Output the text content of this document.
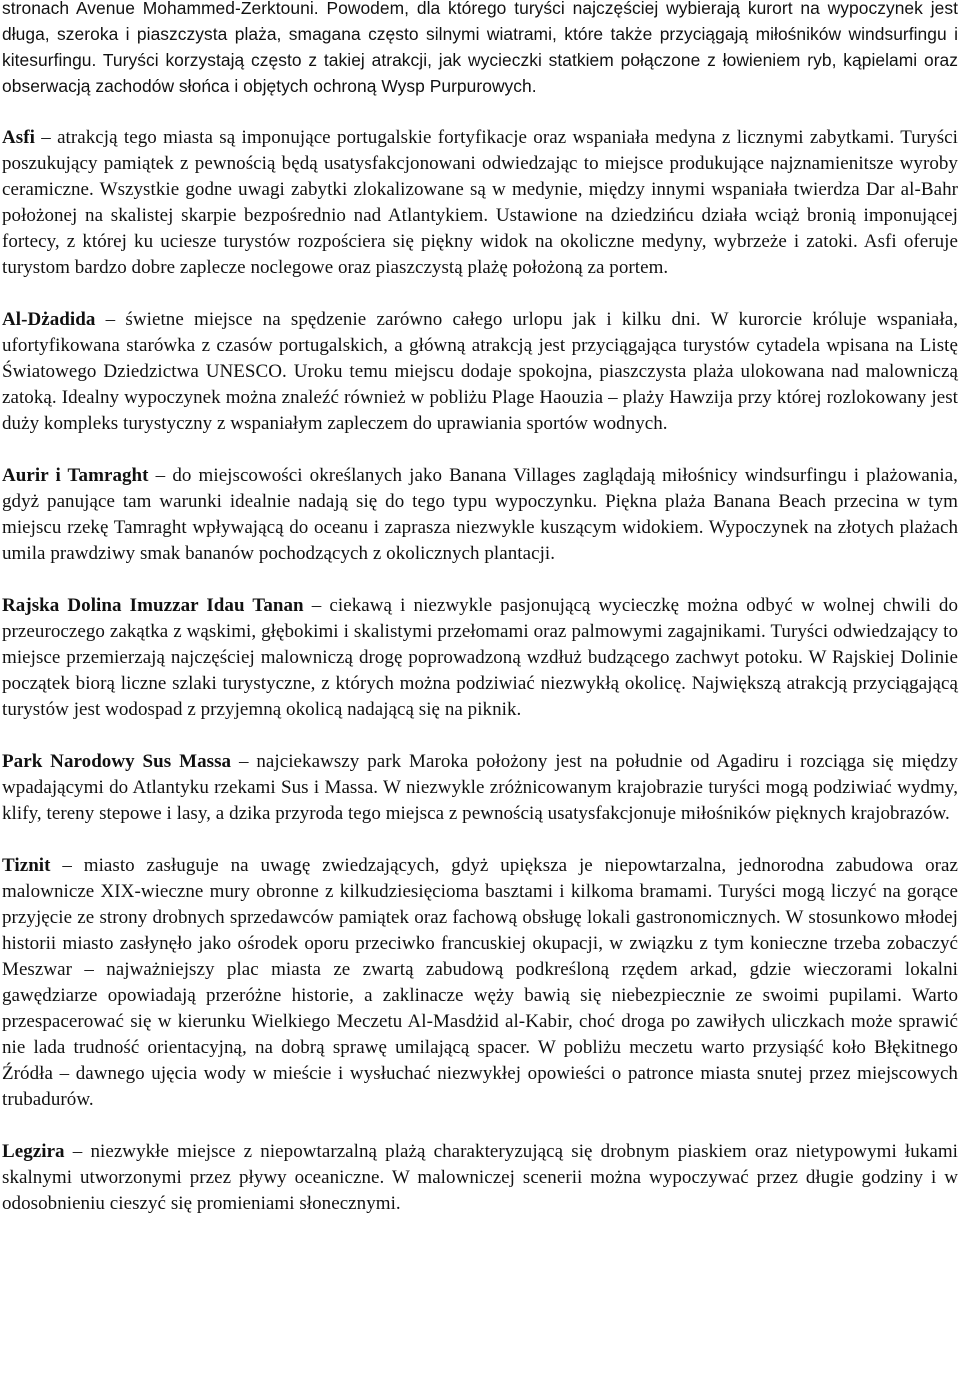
stronach Avenue Mohammed-Zerktouni. Powodem, dla którego turyści najczęściej wybierają kurort na wypoczynek jest długa, szeroka i piaszczysta plaża, smagana często silnymi wiatrami, które także przyciągają miłośników windsurfingu i kitesurfingu. Turyści korzystają często z takiej atrakcji, jak wycieczki statkiem połączone z łowieniem ryb, kąpielami oraz obserwacją zachodów słońca i objętych ochroną Wysp Purpurowych.

Asfi – atrakcją tego miasta są imponujące portugalskie fortyfikacje oraz wspaniała medyna z licznymi zabytkami. Turyści poszukujący pamiątek z pewnością będą usatysfakcjonowani odwiedzając to miejsce produkujące najznamienitsze wyroby ceramiczne. Wszystkie godne uwagi zabytki zlokalizowane są w medynie, między innymi wspaniała twierdza Dar al-Bahr położonej na skalistej skarpie bezpośrednio nad Atlantykiem. Ustawione na dziedzińcu działa wciąż bronią imponującej fortecy, z której ku uciesze turystów rozpościera się piękny widok na okoliczne medyny, wybrzeże i zatoki. Asfi oferuje turystom bardzo dobre zaplecze noclegowe oraz piaszczystą plażę położoną za portem.

Al-Dżadida – świetne miejsce na spędzenie zarówno całego urlopu jak i kilku dni. W kurorcie króluje wspaniała, ufortyfikowana starówka z czasów portugalskich, a główną atrakcją jest przyciągająca turystów cytadela wpisana na Listę Światowego Dziedzictwa UNESCO. Uroku temu miejscu dodaje spokojna, piaszczysta plaża ulokowana nad malowniczą zatoką. Idealny wypoczynek można znaleźć również w pobliżu Plage Haouzia – plaży Hawzija przy której rozlokowany jest duży kompleks turystyczny z wspaniałym zapleczem do uprawiania sportów wodnych.

Aurir i Tamraght – do miejscowości określanych jako Banana Villages zaglądają miłośnicy windsurfingu i plażowania, gdyż panujące tam warunki idealnie nadają się do tego typu wypoczynku. Piękna plaża Banana Beach przecina w tym miejscu rzekę Tamraght wpływającą do oceanu i zaprasza niezwykle kuszącym widokiem. Wypoczynek na złotych plażach umila prawdziwy smak bananów pochodzących z okolicznych plantacji.

Rajska Dolina Imuzzar Idau Tanan – ciekawą i niezwykle pasjonującą wycieczkę można odbyć w wolnej chwili do przeuroczego zakątka z wąskimi, głębokimi i skalistymi przełomami oraz palmowymi zagajnikami. Turyści odwiedzający to miejsce przemierzają najczęściej malowniczą drogę poprowadzoną wzdłuż budzącego zachwyt potoku. W Rajskiej Dolinie początek biorą liczne szlaki turystyczne, z których można podziwiać niezwykłą okolicę. Największą atrakcją przyciągającą turystów jest wodospad z przyjemną okolicą nadającą się na piknik.

Park Narodowy Sus Massa – najciekawszy park Maroka położony jest na południe od Agadiru i rozciąga się między wpadającymi do Atlantyku rzekami Sus i Massa. W niezwykle zróżnicowanym krajobrazie turyści mogą podziwiać wydmy, klify, tereny stepowe i lasy, a dzika przyroda tego miejsca z pewnością usatysfakcjonuje miłośników pięknych krajobrazów.

Tiznit – miasto zasługuje na uwagę zwiedzających, gdyż upiększa je niepowtarzalna, jednorodna zabudowa oraz malownicze XIX-wieczne mury obronne z kilkudziesięcioma basztami i kilkoma bramami. Turyści mogą liczyć na gorące przyjęcie ze strony drobnych sprzedawców pamiątek oraz fachową obsługę lokali gastronomicznych. W stosunkowo młodej historii miasto zasłynęło jako ośrodek oporu przeciwko francuskiej okupacji, w związku z tym konieczne trzeba zobaczyć Meszwar – najważniejszy plac miasta ze zwartą zabudową podkreśloną rzędem arkad, gdzie wieczorami lokalni gawędziarze opowiadają przeróżne historie, a zaklinacze węży bawią się niebezpiecznie ze swoimi pupilami. Warto przespacerować się w kierunku Wielkiego Meczetu Al-Masdżid al-Kabir, choć droga po zawiłych uliczkach może sprawić nie lada trudność orientacyjną, na dobrą sprawę umilającą spacer. W pobliżu meczetu warto przysiąść koło Błękitnego Źródła – dawnego ujęcia wody w mieście i wysłuchać niezwykłej opowieści o patronce miasta snutej przez miejscowych trubadurów.

Legzira – niezwykłe miejsce z niepowtarzalną plażą charakteryzującą się drobnym piaskiem oraz nietypowymi łukami skalnymi utworzonymi przez pływy oceaniczne. W malowniczej scenerii można wypoczywać przez długie godziny i w odosobnieniu cieszyć się promieniami słonecznymi.
